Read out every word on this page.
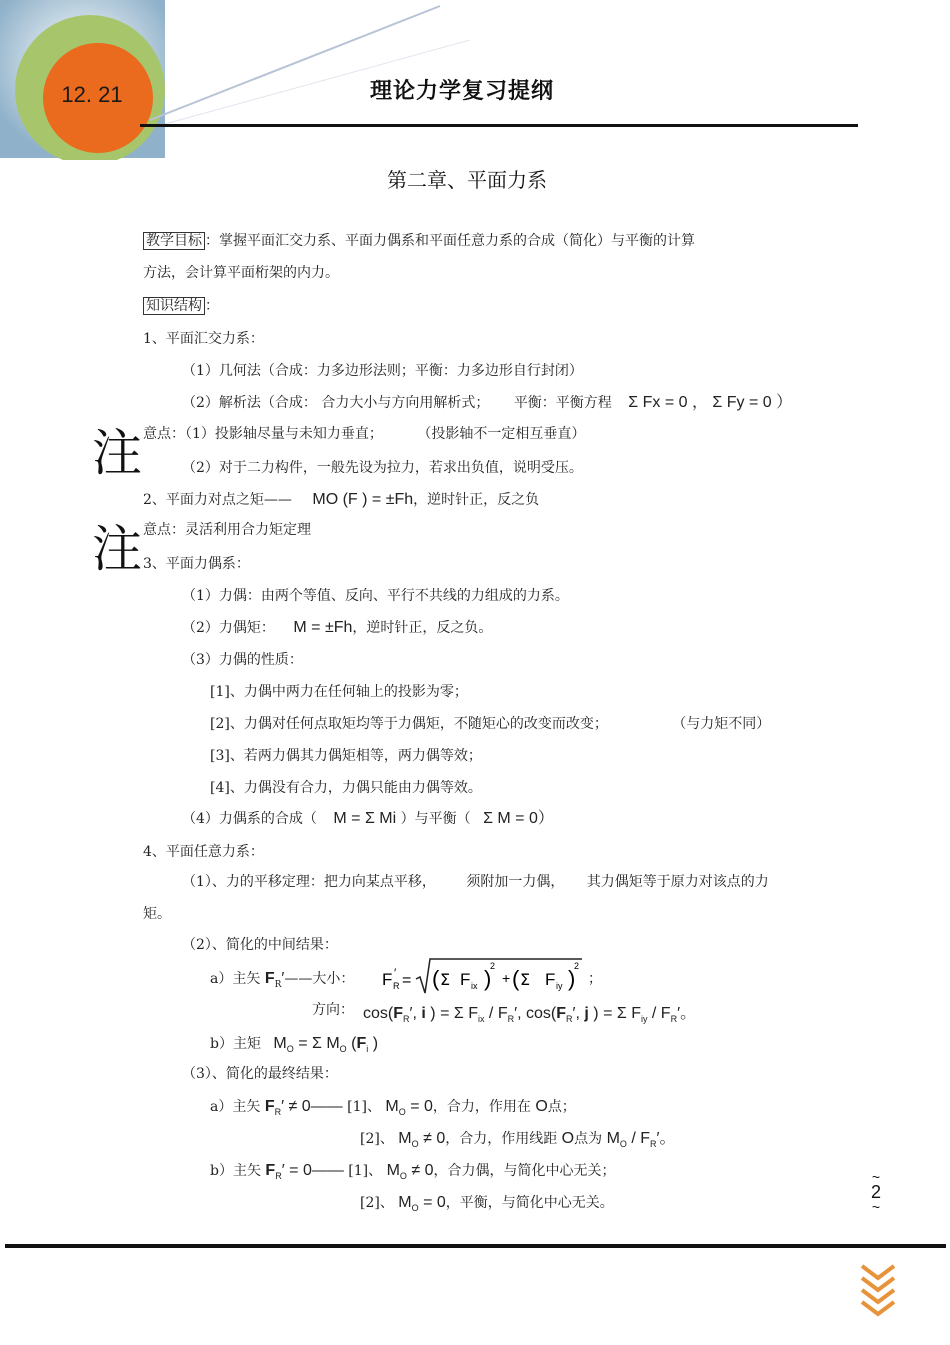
12. 21	理论力学复习提纲
第二章、平面力系
教学目标 ：掌握平面汇交力系、平面力偶系和平面任意力系的合成（简化）与平衡的计算
方法，会计算平面桁架的内力。
知识结构 ：
1、平面汇交力系：
（1）几何法（合成：力多边形法则；平衡：力多边形自行封闭）
（2）解析法（合成： 合力大小与方向用解析式； 平衡：平衡方程 Σ Fx = 0 ， Σ Fy = 0 ）
注 意点：（1）投影轴尽量与未知力垂直； （投影轴不一定相互垂直）
（2）对于二力构件，一般先设为拉力，若求出负值，说明受压。
2、平面力对点之矩—— MO (F ) = ±Fh，逆时针正，反之负
注 意点：灵活利用合力矩定理
3、平面力偶系：
（1）力偶：由两个等值、反向、平行不共线的力组成的力系。
（2）力偶矩： M = ±Fh，逆时针正，反之负。
（3）力偶的性质：
[1]、力偶中两力在任何轴上的投影为零；
[2]、力偶对任何点取矩均等于力偶矩，不随矩心的改变而改变；	（与力矩不同）
[3]、若两力偶其力偶矩相等，两力偶等效；
[4]、力偶没有合力，力偶只能由力偶等效。
（4）力偶系的合成（ M = Σ Mi ）与平衡（ Σ M = 0）
4、平面任意力系：
（1）、力的平移定理：把力向某点平移， 须附加一力偶， 其力偶矩等于原力对该点的力
矩。
（2）、简化的中间结果：
a）主矢 $F_R'——$大小： F R
′ = ( Σ F ix )
2
+ ( Σ F iy )
2
；
方向： $\cos(F_R'$, i ) = Σ $F_{ix} / F_R'$, $\cos(F_R'$, j ) = Σ $F_{iy} / F_R'$。
b）主矩 $M_O = \Sigma$ $M_O$ ($F_i$ )
（3）、简化的最终结果：
a）主矢 $F_R'$ ≠ 0—— [1]、 $M_O = 0$，合力，作用在 O点；
[2]、 $M_O \ne 0$，合力，作用线距 O点为 $M_O / F_R'$。
b）主矢 $F_R'$ = 0—— [1]、 $M_O \ne 0$，合力偶，与简化中心无关；
[2]、 $M_O = 0$，平衡，与简化中心无关。
~
2
~
